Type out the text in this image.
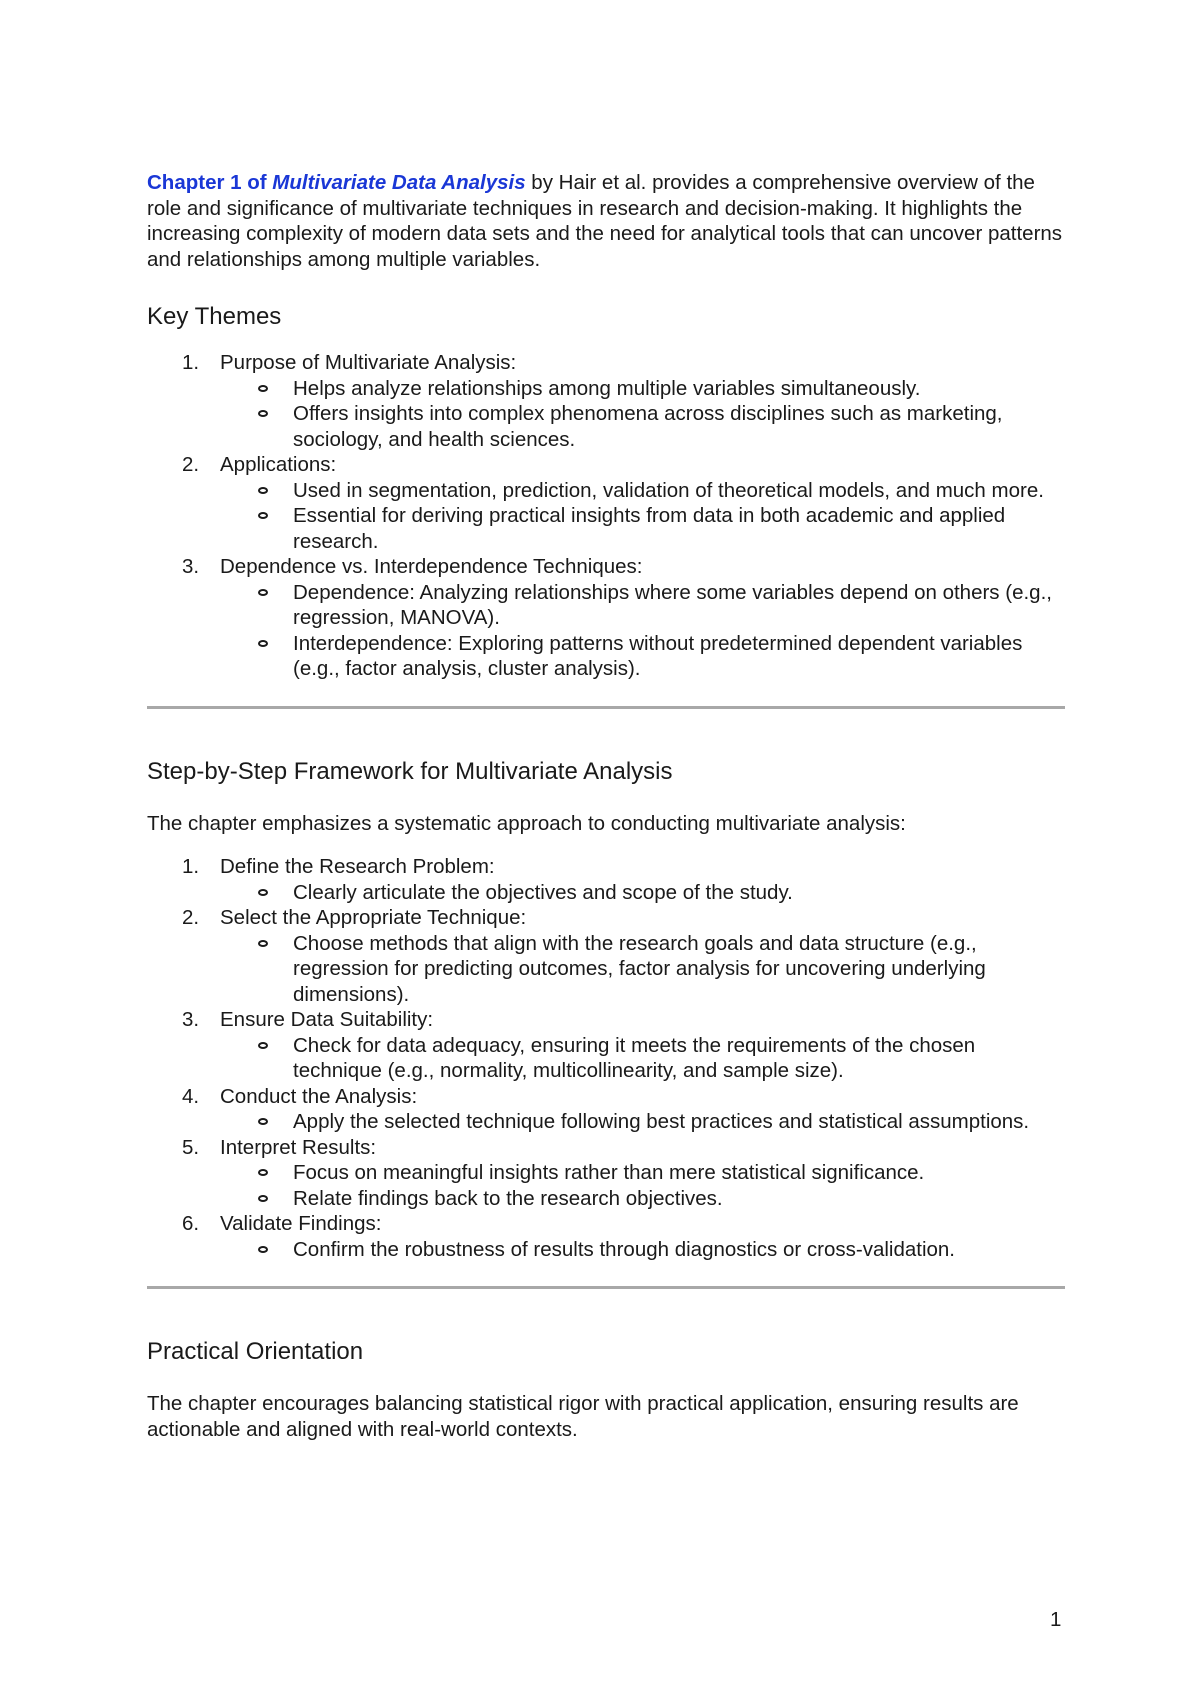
Chapter 1 of Multivariate Data Analysis by Hair et al. provides a comprehensive overview of the role and significance of multivariate techniques in research and decision-making. It highlights the increasing complexity of modern data sets and the need for analytical tools that can uncover patterns and relationships among multiple variables.

Key Themes
1. Purpose of Multivariate Analysis:
Helps analyze relationships among multiple variables simultaneously.
Offers insights into complex phenomena across disciplines such as marketing, sociology, and health sciences.
2. Applications:
Used in segmentation, prediction, validation of theoretical models, and much more.
Essential for deriving practical insights from data in both academic and applied research.
3. Dependence vs. Interdependence Techniques:
Dependence: Analyzing relationships where some variables depend on others (e.g., regression, MANOVA).
Interdependence: Exploring patterns without predetermined dependent variables (e.g., factor analysis, cluster analysis).
Step-by-Step Framework for Multivariate Analysis

The chapter emphasizes a systematic approach to conducting multivariate analysis:

1. Define the Research Problem:
Clearly articulate the objectives and scope of the study.
2. Select the Appropriate Technique:
Choose methods that align with the research goals and data structure (e.g., regression for predicting outcomes, factor analysis for uncovering underlying dimensions).
3. Ensure Data Suitability:
Check for data adequacy, ensuring it meets the requirements of the chosen technique (e.g., normality, multicollinearity, and sample size).
4. Conduct the Analysis:
Apply the selected technique following best practices and statistical assumptions.
5. Interpret Results:
Focus on meaningful insights rather than mere statistical significance.
Relate findings back to the research objectives.
6. Validate Findings:
Confirm the robustness of results through diagnostics or cross-validation.
Practical Orientation

The chapter encourages balancing statistical rigor with practical application, ensuring results are actionable and aligned with real-world contexts.

1
